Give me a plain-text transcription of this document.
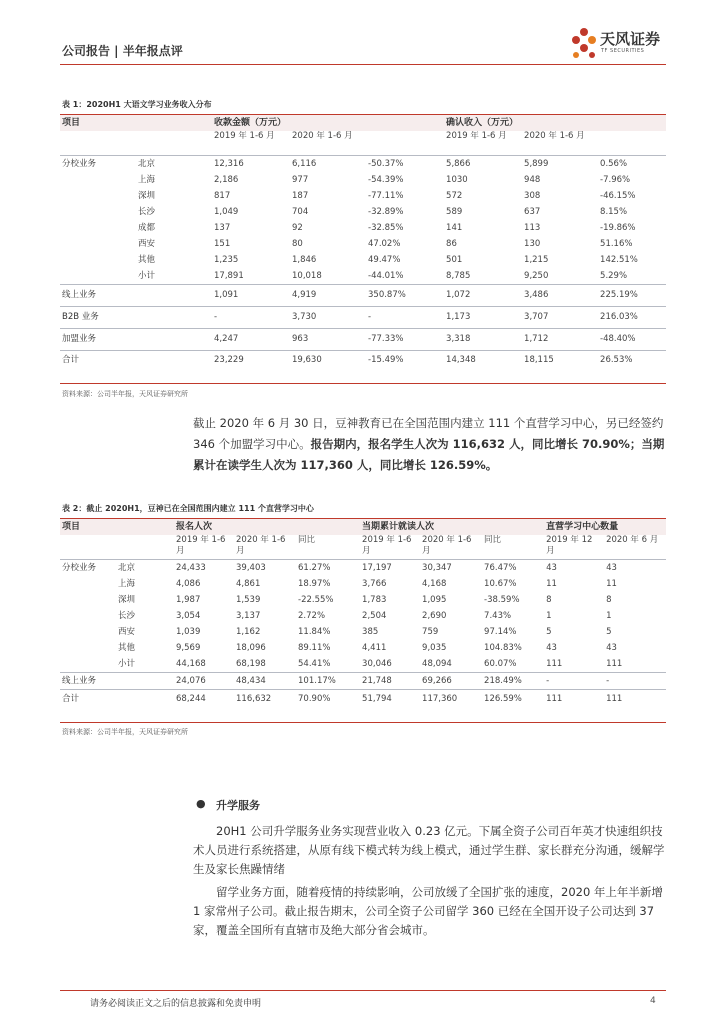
公司报告 | 半年报点评
天风证券
TF SECURITIES
表 1：2020H1 大语文学习业务收入分布
项目		收款金额（万元）			确认收入（万元）		
		2019 年 1-6 月	2020 年 1-6 月		2019 年 1-6 月	2020 年 1-6 月	
分校业务	北京	12,316	6,116	-50.37%	5,866	5,899	0.56%
	上海	2,186	977	-54.39%	1030	948	-7.96%
	深圳	817	187	-77.11%	572	308	-46.15%
	长沙	1,049	704	-32.89%	589	637	8.15%
	成都	137	92	-32.85%	141	113	-19.86%
	西安	151	80	47.02%	86	130	51.16%
	其他	1,235	1,846	49.47%	501	1,215	142.51%
	小计	17,891	10,018	-44.01%	8,785	9,250	5.29%
线上业务		1,091	4,919	350.87%	1,072	3,486	225.19%
B2B 业务		-	3,730	-	1,173	3,707	216.03%
加盟业务		4,247	963	-77.33%	3,318	1,712	-48.40%
合计		23,229	19,630	-15.49%	14,348	18,115	26.53%
资料来源：公司半年报，天风证券研究所
截止 2020 年 6 月 30 日，豆神教育已在全国范围内建立 111 个直营学习中心，另已经签约 346 个加盟学习中心。报告期内，报名学生人次为 116,632 人，同比增长 70.90%；当期累计在读学生人次为 117,360 人，同比增长 126.59%。
表 2：截止 2020H1，豆神已在全国范围内建立 111 个直营学习中心
项目		报名人次			当期累计就读人次			直营学习中心数量	
		2019 年 1-6 月	2020 年 1-6 月	同比	2019 年 1-6 月	2020 年 1-6 月	同比	2019 年 12 月	2020 年 6 月
分校业务	北京	24,433	39,403	61.27%	17,197	30,347	76.47%	43	43
	上海	4,086	4,861	18.97%	3,766	4,168	10.67%	11	11
	深圳	1,987	1,539	-22.55%	1,783	1,095	-38.59%	8	8
	长沙	3,054	3,137	2.72%	2,504	2,690	7.43%	1	1
	西安	1,039	1,162	11.84%	385	759	97.14%	5	5
	其他	9,569	18,096	89.11%	4,411	9,035	104.83%	43	43
	小计	44,168	68,198	54.41%	30,046	48,094	60.07%	111	111
线上业务		24,076	48,434	101.17%	21,748	69,266	218.49%	-	-
合计		68,244	116,632	70.90%	51,794	117,360	126.59%	111	111
资料来源：公司半年报，天风证券研究所
● 升学服务
20H1 公司升学服务业务实现营业收入 0.23 亿元。下属全资子公司百年英才快速组织技术人员进行系统搭建，从原有线下模式转为线上模式，通过学生群、家长群充分沟通，缓解学生及家长焦躁情绪
留学业务方面，随着疫情的持续影响，公司放缓了全国扩张的速度，2020 年上年半新增 1 家常州子公司。截止报告期末，公司全资子公司留学 360 已经在全国开设子公司达到 37 家，覆盖全国所有直辖市及绝大部分省会城市。
请务必阅读正文之后的信息披露和免责申明	4
